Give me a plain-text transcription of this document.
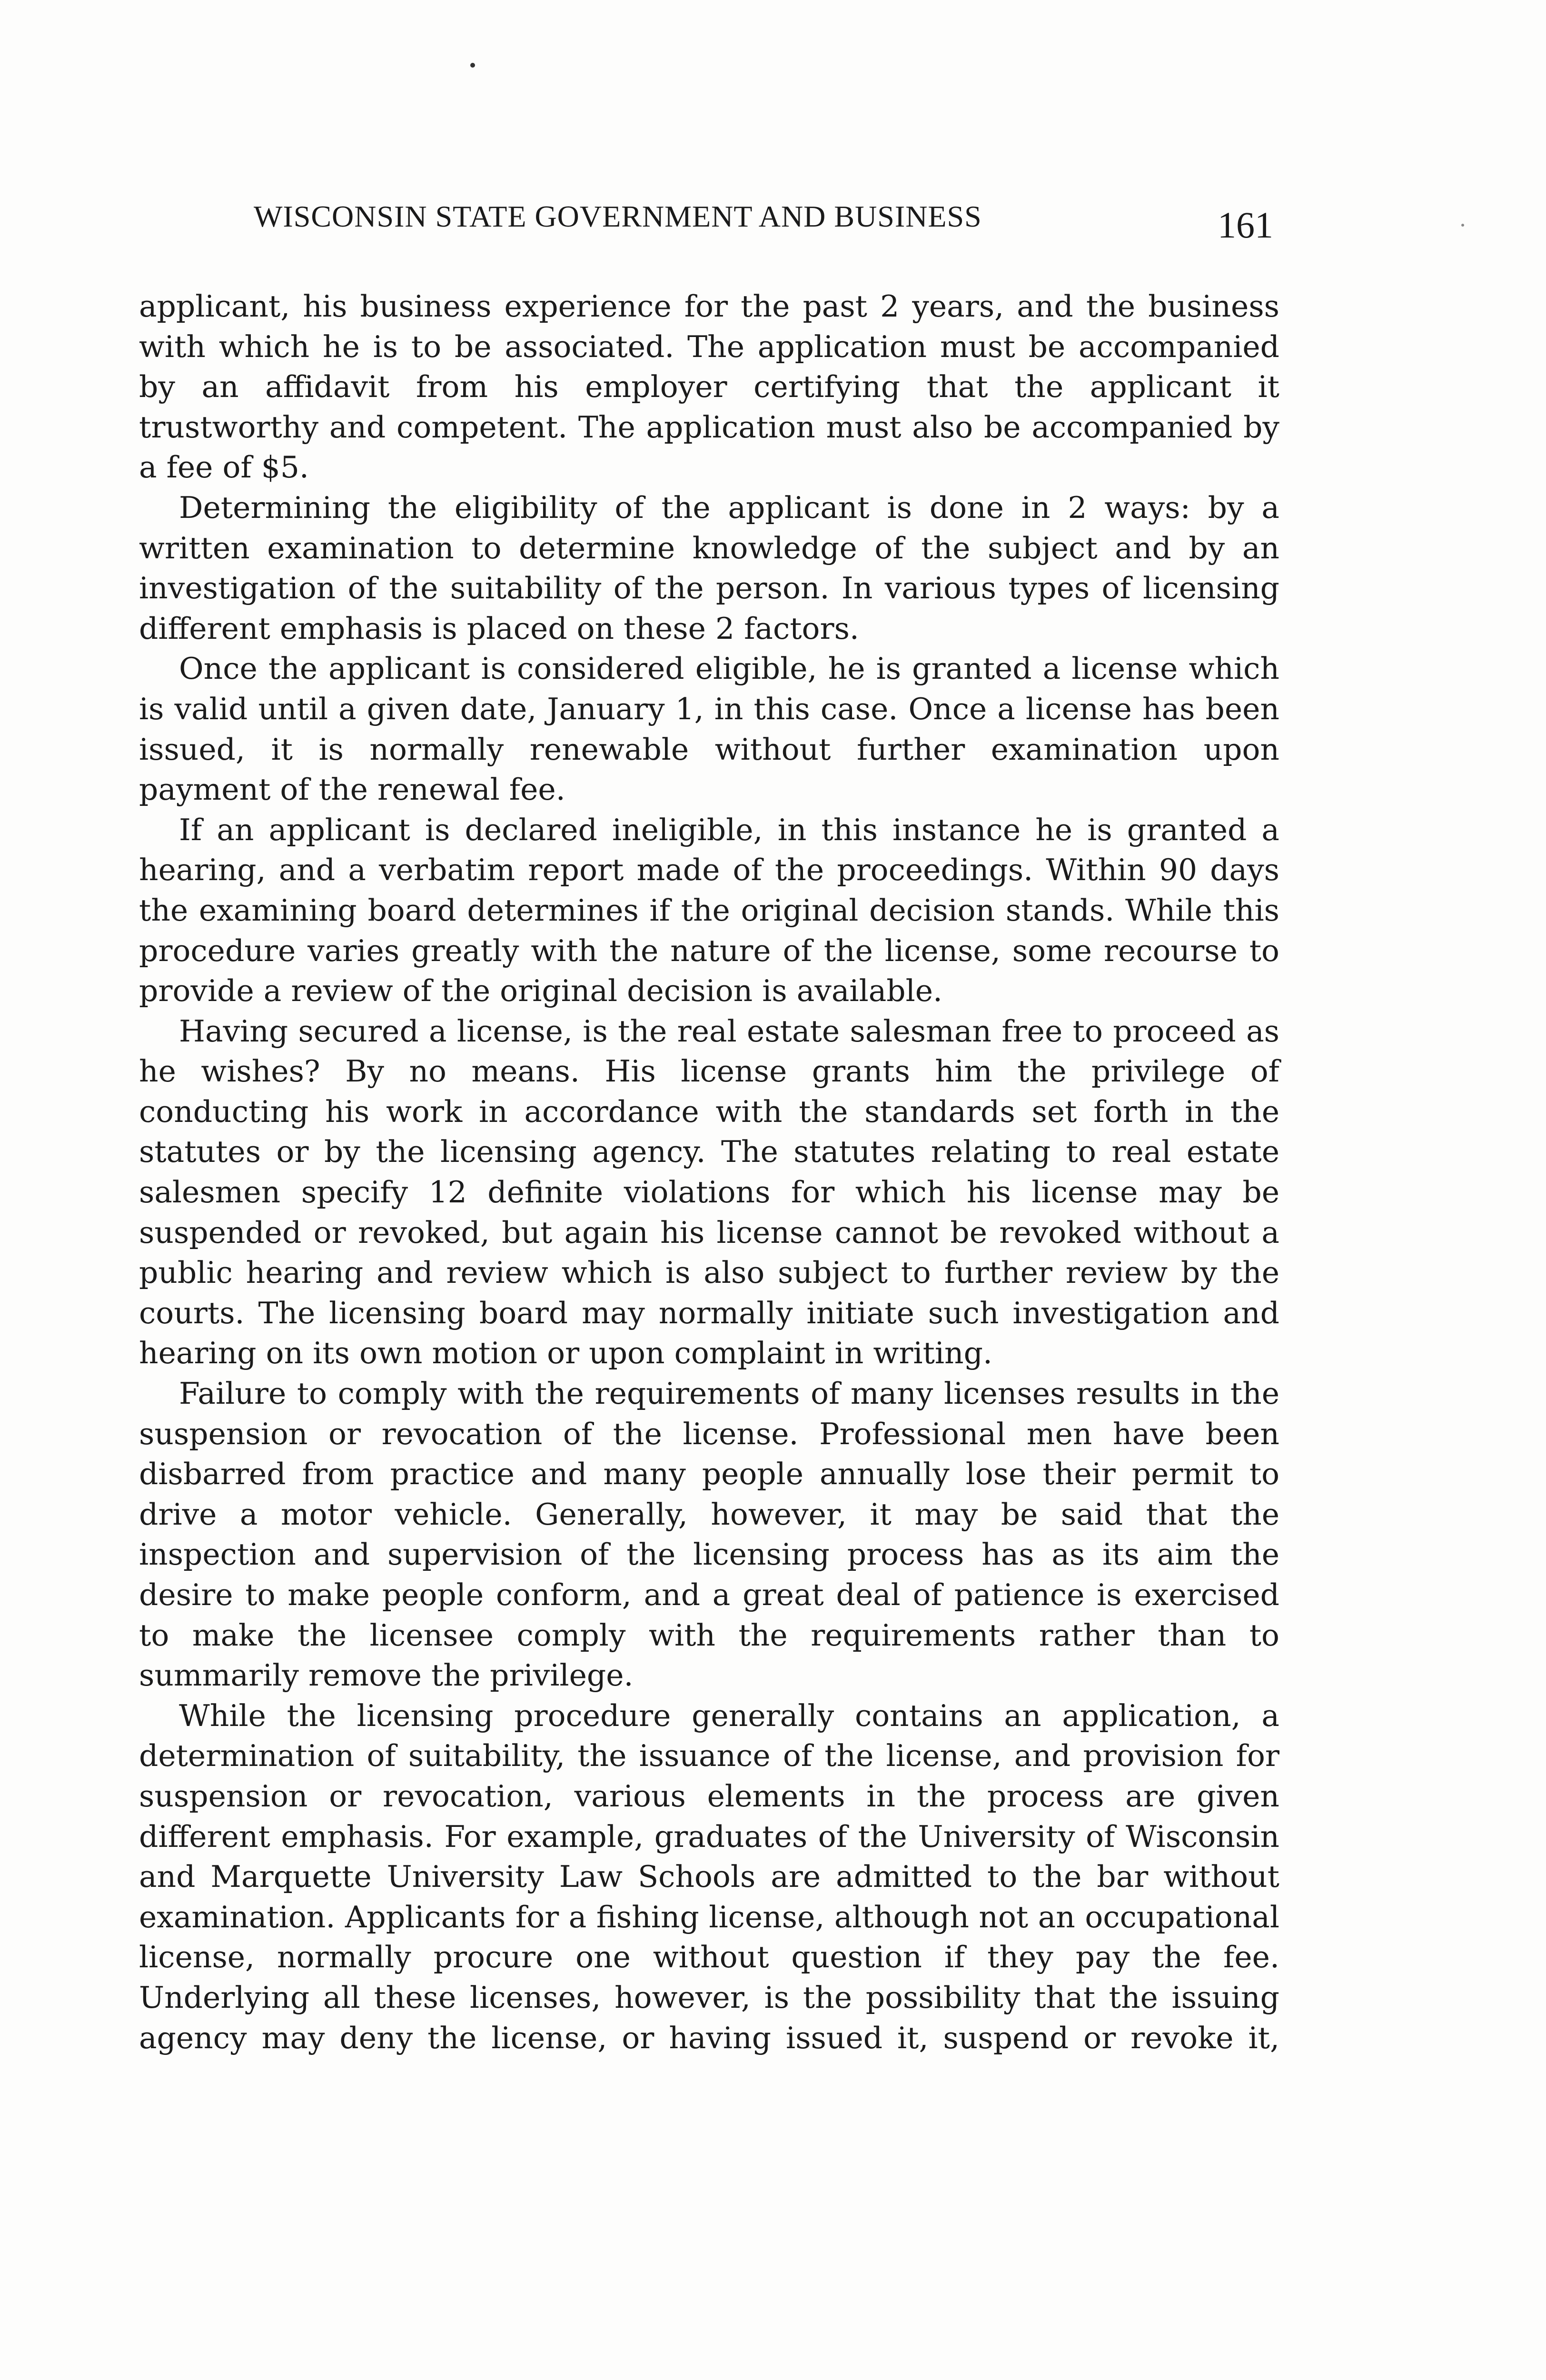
WISCONSIN STATE GOVERNMENT AND BUSINESS	161

applicant, his business experience for the past 2 years, and the business with which he is to be associated. The application must be accompanied by an affidavit from his employer certifying that the applicant it trustworthy and competent. The application must also be accompanied by a fee of $5.

Determining the eligibility of the applicant is done in 2 ways: by a written examination to determine knowledge of the subject and by an investigation of the suitability of the person. In various types of licensing different emphasis is placed on these 2 factors.

Once the applicant is considered eligible, he is granted a license which is valid until a given date, January 1, in this case. Once a license has been issued, it is normally renewable without further examination upon payment of the renewal fee.

If an applicant is declared ineligible, in this instance he is granted a hearing, and a verbatim report made of the proceedings. Within 90 days the examining board determines if the original decision stands. While this procedure varies greatly with the nature of the license, some recourse to provide a review of the original decision is available.

Having secured a license, is the real estate salesman free to proceed as he wishes? By no means. His license grants him the privilege of conducting his work in accordance with the standards set forth in the statutes or by the licensing agency. The statutes relating to real estate salesmen specify 12 definite violations for which his license may be suspended or revoked, but again his license cannot be revoked without a public hearing and review which is also subject to further review by the courts. The licensing board may normally initiate such investigation and hearing on its own motion or upon complaint in writing.

Failure to comply with the requirements of many licenses results in the suspension or revocation of the license. Professional men have been disbarred from practice and many people annually lose their permit to drive a motor vehicle. Generally, however, it may be said that the inspection and supervision of the licensing process has as its aim the desire to make people conform, and a great deal of patience is exercised to make the licensee comply with the requirements rather than to summarily remove the privilege.

While the licensing procedure generally contains an application, a determination of suitability, the issuance of the license, and provision for suspension or revocation, various elements in the process are given different emphasis. For example, graduates of the University of Wisconsin and Marquette University Law Schools are admitted to the bar without examination. Applicants for a fishing license, although not an occupational license, normally procure one without question if they pay the fee. Underlying all these licenses, however, is the possibility that the issuing agency may deny the license, or having issued it, suspend or revoke it,
